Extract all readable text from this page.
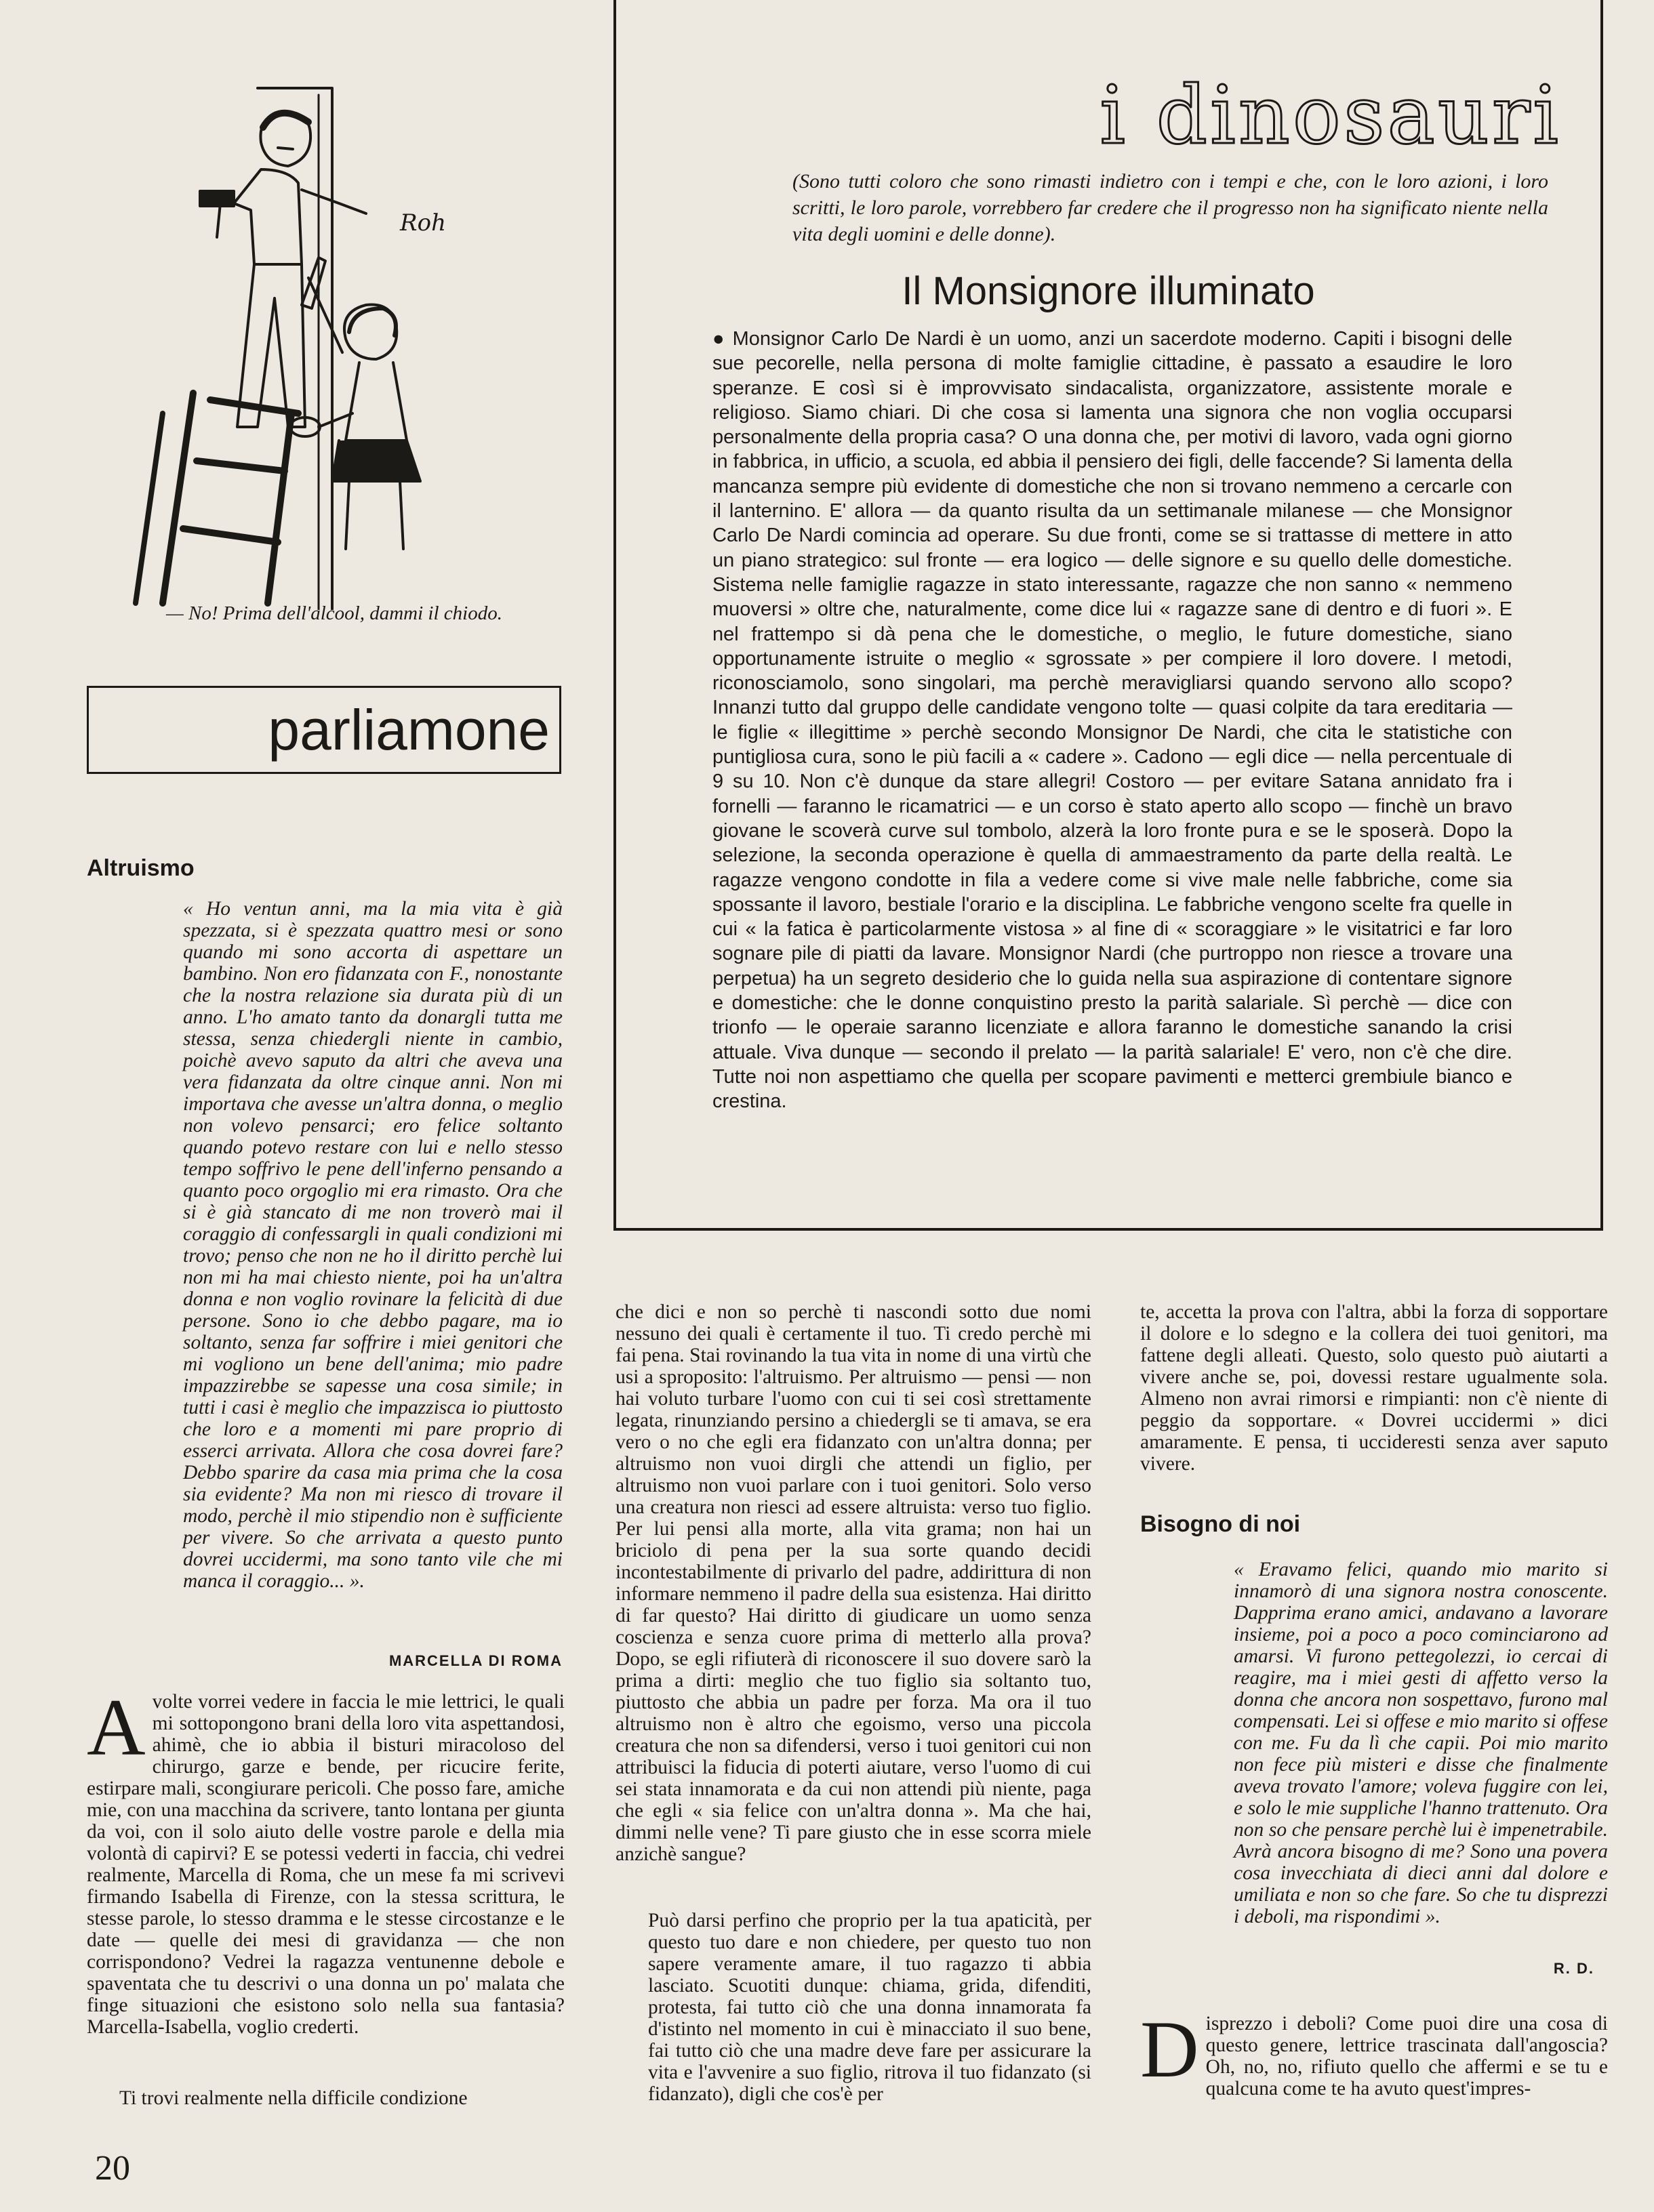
Roh
— No! Prima dell'alcool, dammi il chiodo.
parliamone
i dinosauri
(Sono tutti coloro che sono rimasti indietro con i tempi e che, con le loro azioni, i loro scritti, le loro parole, vorrebbero far credere che il progresso non ha significato niente nella vita degli uomini e delle donne).
Il Monsignore illuminato
● Monsignor Carlo De Nardi è un uomo, anzi un sacerdote moderno. Capiti i bisogni delle sue pecorelle, nella persona di molte famiglie cittadine, è passato a esaudire le loro speranze. E così si è improvvisato sindacalista, organizzatore, assistente morale e religioso. Siamo chiari. Di che cosa si lamenta una signora che non voglia occuparsi personalmente della propria casa? O una donna che, per motivi di lavoro, vada ogni giorno in fabbrica, in ufficio, a scuola, ed abbia il pensiero dei figli, delle faccende? Si lamenta della mancanza sempre più evidente di domestiche che non si trovano nemmeno a cercarle con il lanternino. E' allora — da quanto risulta da un settimanale milanese — che Monsignor Carlo De Nardi comincia ad operare. Su due fronti, come se si trattasse di mettere in atto un piano strategico: sul fronte — era logico — delle signore e su quello delle domestiche. Sistema nelle famiglie ragazze in stato interessante, ragazze che non sanno « nemmeno muoversi » oltre che, naturalmente, come dice lui « ragazze sane di dentro e di fuori ». E nel frattempo si dà pena che le domestiche, o meglio, le future domestiche, siano opportunamente istruite o meglio « sgrossate » per compiere il loro dovere. I metodi, riconosciamolo, sono singolari, ma perchè meravigliarsi quando servono allo scopo? Innanzi tutto dal gruppo delle candidate vengono tolte — quasi colpite da tara ereditaria — le figlie « illegittime » perchè secondo Monsignor De Nardi, che cita le statistiche con puntigliosa cura, sono le più facili a « cadere ». Cadono — egli dice — nella percentuale di 9 su 10. Non c'è dunque da stare allegri! Costoro — per evitare Satana annidato fra i fornelli — faranno le ricamatrici — e un corso è stato aperto allo scopo — finchè un bravo giovane le scoverà curve sul tombolo, alzerà la loro fronte pura e se le sposerà. Dopo la selezione, la seconda operazione è quella di ammaestramento da parte della realtà. Le ragazze vengono condotte in fila a vedere come si vive male nelle fabbriche, come sia spossante il lavoro, bestiale l'orario e la disciplina. Le fabbriche vengono scelte fra quelle in cui « la fatica è particolarmente vistosa » al fine di « scoraggiare » le visitatrici e far loro sognare pile di piatti da lavare. Monsignor Nardi (che purtroppo non riesce a trovare una perpetua) ha un segreto desiderio che lo guida nella sua aspirazione di contentare signore e domestiche: che le donne conquistino presto la parità salariale. Sì perchè — dice con trionfo — le operaie saranno licenziate e allora faranno le domestiche sanando la crisi attuale. Viva dunque — secondo il prelato — la parità salariale! E' vero, non c'è che dire. Tutte noi non aspettiamo che quella per scopare pavimenti e metterci grembiule bianco e crestina.
Altruismo
« Ho ventun anni, ma la mia vita è già spezzata, si è spezzata quattro mesi or sono quando mi sono accorta di aspettare un bambino. Non ero fidanzata con F., nonostante che la nostra relazione sia durata più di un anno. L'ho amato tanto da donargli tutta me stessa, senza chiedergli niente in cambio, poichè avevo saputo da altri che aveva una vera fidanzata da oltre cinque anni. Non mi importava che avesse un'altra donna, o meglio non volevo pensarci; ero felice soltanto quando potevo restare con lui e nello stesso tempo soffrivo le pene dell'inferno pensando a quanto poco orgoglio mi era rimasto. Ora che si è già stancato di me non troverò mai il coraggio di confessargli in quali condizioni mi trovo; penso che non ne ho il diritto perchè lui non mi ha mai chiesto niente, poi ha un'altra donna e non voglio rovinare la felicità di due persone. Sono io che debbo pagare, ma io soltanto, senza far soffrire i miei genitori che mi vogliono un bene dell'anima; mio padre impazzirebbe se sapesse una cosa simile; in tutti i casi è meglio che impazzisca io piuttosto che loro e a momenti mi pare proprio di esserci arrivata. Allora che cosa dovrei fare? Debbo sparire da casa mia prima che la cosa sia evidente? Ma non mi riesco di trovare il modo, perchè il mio stipendio non è sufficiente per vivere. So che arrivata a questo punto dovrei uccidermi, ma sono tanto vile che mi manca il coraggio... ».
MARCELLA DI ROMA
Avolte vorrei vedere in faccia le mie lettrici, le quali mi sottopongono brani della loro vita aspettandosi, ahimè, che io abbia il bisturi miracoloso del chirurgo, garze e bende, per ricucire ferite, estirpare mali, scongiurare pericoli. Che posso fare, amiche mie, con una macchina da scrivere, tanto lontana per giunta da voi, con il solo aiuto delle vostre parole e della mia volontà di capirvi? E se potessi vederti in faccia, chi vedrei realmente, Marcella di Roma, che un mese fa mi scrivevi firmando Isabella di Firenze, con la stessa scrittura, le stesse parole, lo stesso dramma e le stesse circostanze e le date — quelle dei mesi di gravidanza — che non corrispondono? Vedrei la ragazza ventunenne debole e spaventata che tu descrivi o una donna un po' malata che finge situazioni che esistono solo nella sua fantasia? Marcella-Isabella, voglio crederti.
Ti trovi realmente nella difficile condizione
che dici e non so perchè ti nascondi sotto due nomi nessuno dei quali è certamente il tuo. Ti credo perchè mi fai pena. Stai rovinando la tua vita in nome di una virtù che usi a sproposito: l'altruismo. Per altruismo — pensi — non hai voluto turbare l'uomo con cui ti sei così strettamente legata, rinunziando persino a chiedergli se ti amava, se era vero o no che egli era fidanzato con un'altra donna; per altruismo non vuoi dirgli che attendi un figlio, per altruismo non vuoi parlare con i tuoi genitori. Solo verso una creatura non riesci ad essere altruista: verso tuo figlio. Per lui pensi alla morte, alla vita grama; non hai un briciolo di pena per la sua sorte quando decidi incontestabilmente di privarlo del padre, addirittura di non informare nemmeno il padre della sua esistenza. Hai diritto di far questo? Hai diritto di giudicare un uomo senza coscienza e senza cuore prima di metterlo alla prova? Dopo, se egli rifiuterà di riconoscere il suo dovere sarò la prima a dirti: meglio che tuo figlio sia soltanto tuo, piuttosto che abbia un padre per forza. Ma ora il tuo altruismo non è altro che egoismo, verso una piccola creatura che non sa difendersi, verso i tuoi genitori cui non attribuisci la fiducia di poterti aiutare, verso l'uomo di cui sei stata innamorata e da cui non attendi più niente, paga che egli « sia felice con un'altra donna ». Ma che hai, dimmi nelle vene? Ti pare giusto che in esse scorra miele anzichè sangue?
Può darsi perfino che proprio per la tua apaticità, per questo tuo dare e non chiedere, per questo tuo non sapere veramente amare, il tuo ragazzo ti abbia lasciato. Scuotiti dunque: chiama, grida, difenditi, protesta, fai tutto ciò che una donna innamorata fa d'istinto nel momento in cui è minacciato il suo bene, fai tutto ciò che una madre deve fare per assicurare la vita e l'avvenire a suo figlio, ritrova il tuo fidanzato (si fidanzato), digli che cos'è per
te, accetta la prova con l'altra, abbi la forza di sopportare il dolore e lo sdegno e la collera dei tuoi genitori, ma fattene degli alleati. Questo, solo questo può aiutarti a vivere anche se, poi, dovessi restare ugualmente sola. Almeno non avrai rimorsi e rimpianti: non c'è niente di peggio da sopportare. « Dovrei uccidermi » dici amaramente. E pensa, ti uccideresti senza aver saputo vivere.
Bisogno di noi
« Eravamo felici, quando mio marito si innamorò di una signora nostra conoscente. Dapprima erano amici, andavano a lavorare insieme, poi a poco a poco cominciarono ad amarsi. Vi furono pettegolezzi, io cercai di reagire, ma i miei gesti di affetto verso la donna che ancora non sospettavo, furono mal compensati. Lei si offese e mio marito si offese con me. Fu da lì che capii. Poi mio marito non fece più misteri e disse che finalmente aveva trovato l'amore; voleva fuggire con lei, e solo le mie suppliche l'hanno trattenuto. Ora non so che pensare perchè lui è impenetrabile. Avrà ancora bisogno di me? Sono una povera cosa invecchiata di dieci anni dal dolore e umiliata e non so che fare. So che tu disprezzi i deboli, ma rispondimi ».
R. D.
Disprezzo i deboli? Come puoi dire una cosa di questo genere, lettrice trascinata dall'angoscia? Oh, no, no, rifiuto quello che affermi e se tu e qualcuna come te ha avuto quest'impres-
20
